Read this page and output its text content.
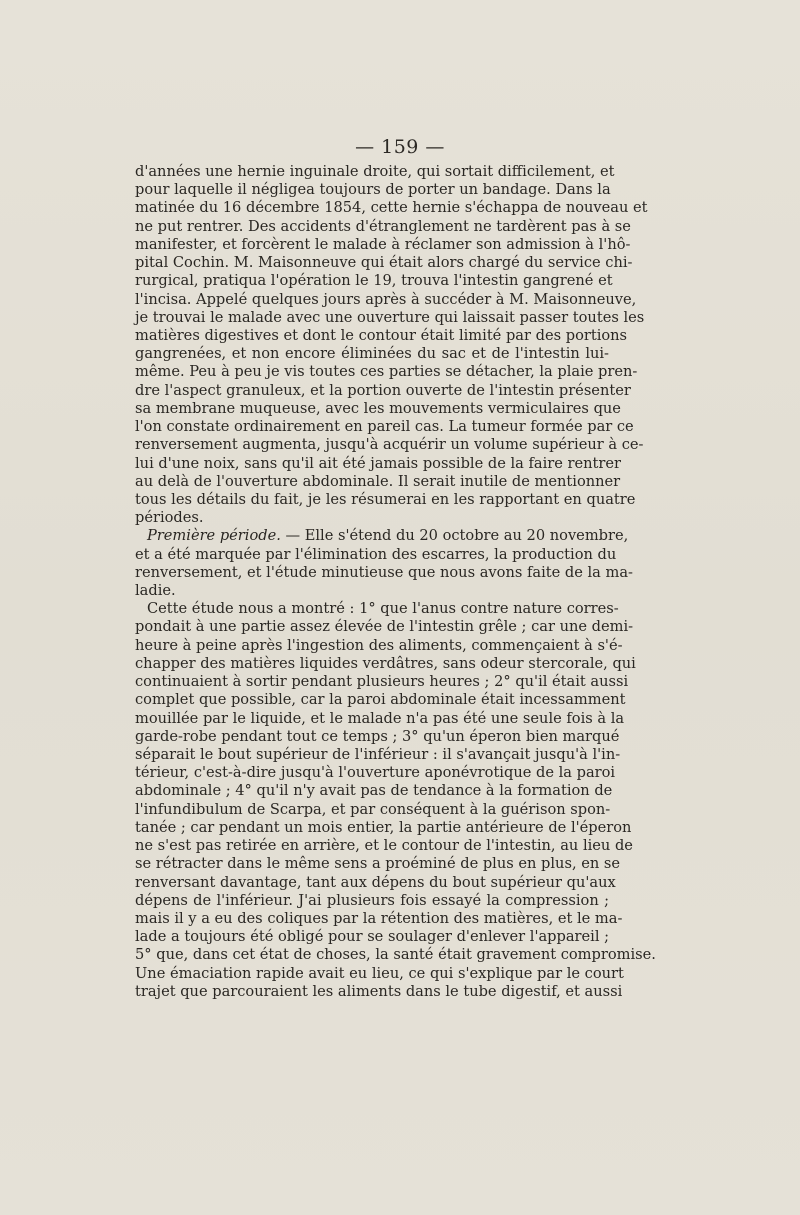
— 159 —
d'années une hernie inguinale droite, qui sortait difficilement, et
pour laquelle il négligea toujours de porter un bandage. Dans la
matinée du 16 décembre 1854, cette hernie s'échappa de nouveau et
ne put rentrer. Des accidents d'étranglement ne tardèrent pas à se
manifester, et forcèrent le malade à réclamer son admission à l'hô-
pital Cochin. M. Maisonneuve qui était alors chargé du service chi-
rurgical, pratiqua l'opération le 19, trouva l'intestin gangrené et
l'incisa. Appelé quelques jours après à succéder à M. Maisonneuve,
je trouvai le malade avec une ouverture qui laissait passer toutes les
matières digestives et dont le contour était limité par des portions
gangrenées, et non encore éliminées du sac et de l'intestin lui-
même. Peu à peu je vis toutes ces parties se détacher, la plaie pren-
dre l'aspect granuleux, et la portion ouverte de l'intestin présenter
sa membrane muqueuse, avec les mouvements vermiculaires que
l'on constate ordinairement en pareil cas. La tumeur formée par ce
renversement augmenta, jusqu'à acquérir un volume supérieur à ce-
lui d'une noix, sans qu'il ait été jamais possible de la faire rentrer
au delà de l'ouverture abdominale. Il serait inutile de mentionner
tous les détails du fait, je les résumerai en les rapportant en quatre
périodes.
Première période. — Elle s'étend du 20 octobre au 20 novembre,
et a été marquée par l'élimination des escarres, la production du
renversement, et l'étude minutieuse que nous avons faite de la ma-
ladie.
Cette étude nous a montré : 1° que l'anus contre nature corres-
pondait à une partie assez élevée de l'intestin grêle ; car une demi-
heure à peine après l'ingestion des aliments, commençaient à s'é-
chapper des matières liquides verdâtres, sans odeur stercorale, qui
continuaient à sortir pendant plusieurs heures ; 2° qu'il était aussi
complet que possible, car la paroi abdominale était incessamment
mouillée par le liquide, et le malade n'a pas été une seule fois à la
garde-robe pendant tout ce temps ; 3° qu'un éperon bien marqué
séparait le bout supérieur de l'inférieur : il s'avançait jusqu'à l'in-
térieur, c'est-à-dire jusqu'à l'ouverture aponévrotique de la paroi
abdominale ; 4° qu'il n'y avait pas de tendance à la formation de
l'infundibulum de Scarpa, et par conséquent à la guérison spon-
tanée ; car pendant un mois entier, la partie antérieure de l'éperon
ne s'est pas retirée en arrière, et le contour de l'intestin, au lieu de
se rétracter dans le même sens a proéminé de plus en plus, en se
renversant davantage, tant aux dépens du bout supérieur qu'aux
dépens de l'inférieur. J'ai plusieurs fois essayé la compression ;
mais il y a eu des coliques par la rétention des matières, et le ma-
lade a toujours été obligé pour se soulager d'enlever l'appareil ;
5° que, dans cet état de choses, la santé était gravement compromise.
Une émaciation rapide avait eu lieu, ce qui s'explique par le court
trajet que parcouraient les aliments dans le tube digestif, et aussi
